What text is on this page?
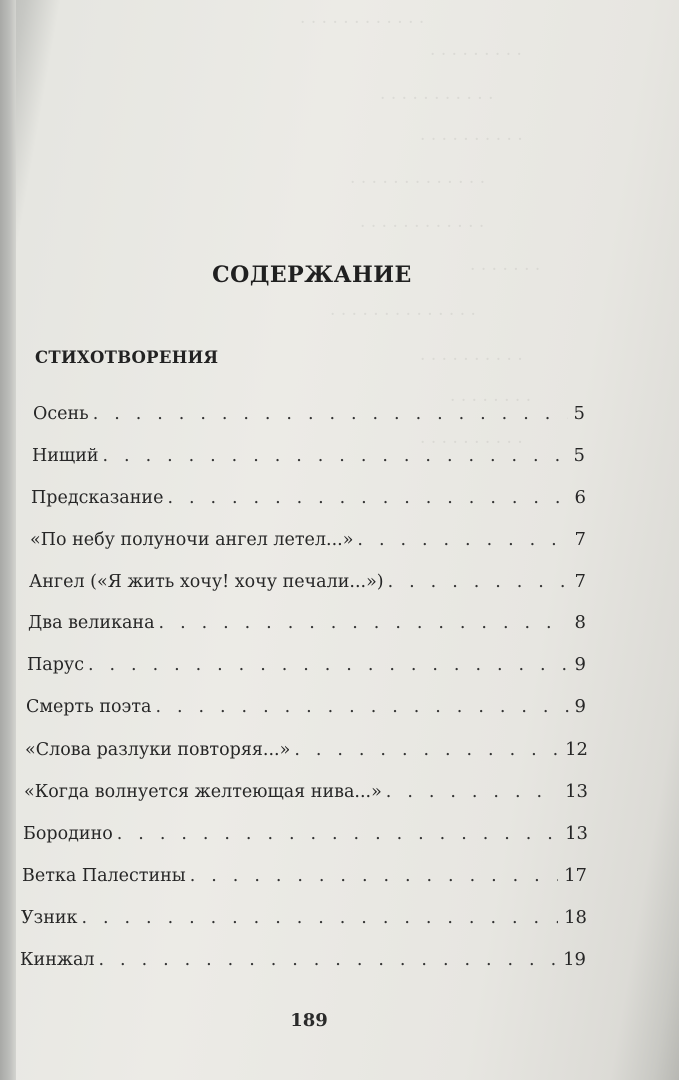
. . . . . . . . . . . .
. . . . . . . . .
. . . . . . . . . . .
. . . . . . . . . .
. . . . . . . . . . . . .
. . . . . . . . . . . .
. . . . . . .
. . . . . . . . . . . . . .
. . . . . . . . . .
. . . . . . . .
. . . . . . . . . .
СОДЕРЖАНИЕ
СТИХОТВОРЕНИЯ
Осень . . .	5
Нищий . . .	5
Предсказание . . .	6
«По небу полуночи ангел летел...» . . .	7
Ангел («Я жить хочу! хочу печали...») . . .	7
Два великана . . .	8
Парус . . .	9
Смерть поэта . . .	9
«Слова разлуки повторяя...» . . .	12
«Когда волнуется желтеющая нива...» . . .	13
Бородино . . .	13
Ветка Палестины . . .	17
Узник . . .	18
Кинжал . . .	19

189
